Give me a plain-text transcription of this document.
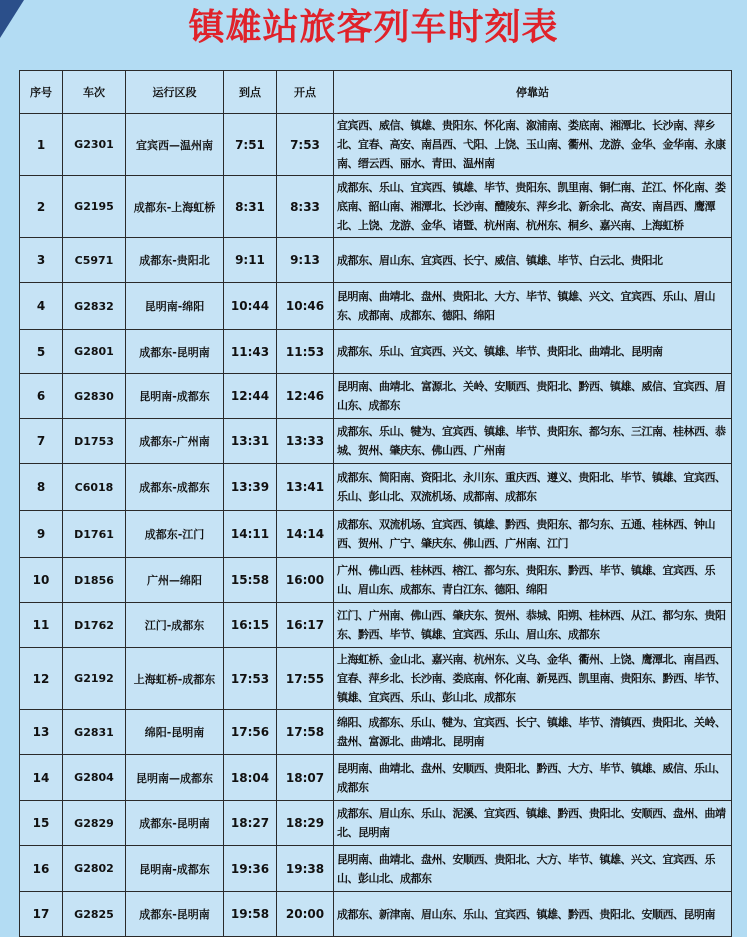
镇雄站旅客列车时刻表
序号	车次	运行区段	到点	开点	停靠站
1	G2301	宜宾西—温州南	7:51	7:53	宜宾西、威信、镇雄、贵阳东、怀化南、溆浦南、娄底南、湘潭北、长沙南、萍乡北、宜春、高安、南昌西、弋阳、上饶、玉山南、衢州、龙游、金华、金华南、永康南、缙云西、丽水、青田、温州南
2	G2195	成都东-上海虹桥	8:31	8:33	成都东、乐山、宜宾西、镇雄、毕节、贵阳东、凯里南、铜仁南、芷江、怀化南、娄底南、韶山南、湘潭北、长沙南、醴陵东、萍乡北、新余北、高安、南昌西、鹰潭北、上饶、龙游、金华、诸暨、杭州南、杭州东、桐乡、嘉兴南、上海虹桥
3	C5971	成都东-贵阳北	9:11	9:13	成都东、眉山东、宜宾西、长宁、威信、镇雄、毕节、白云北、贵阳北
4	G2832	昆明南-绵阳	10:44	10:46	昆明南、曲靖北、盘州、贵阳北、大方、毕节、镇雄、兴文、宜宾西、乐山、眉山东、成都南、成都东、德阳、绵阳
5	G2801	成都东-昆明南	11:43	11:53	成都东、乐山、宜宾西、兴文、镇雄、毕节、贵阳北、曲靖北、昆明南
6	G2830	昆明南-成都东	12:44	12:46	昆明南、曲靖北、富源北、关岭、安顺西、贵阳北、黔西、镇雄、威信、宜宾西、眉山东、成都东
7	D1753	成都东-广州南	13:31	13:33	成都东、乐山、犍为、宜宾西、镇雄、毕节、贵阳东、都匀东、三江南、桂林西、恭城、贺州、肇庆东、佛山西、广州南
8	C6018	成都东-成都东	13:39	13:41	成都东、简阳南、资阳北、永川东、重庆西、遵义、贵阳北、毕节、镇雄、宜宾西、乐山、彭山北、双流机场、成都南、成都东
9	D1761	成都东-江门	14:11	14:14	成都东、双流机场、宜宾西、镇雄、黔西、贵阳东、都匀东、五通、桂林西、钟山西、贺州、广宁、肇庆东、佛山西、广州南、江门
10	D1856	广州—绵阳	15:58	16:00	广州、佛山西、桂林西、榕江、都匀东、贵阳东、黔西、毕节、镇雄、宜宾西、乐山、眉山东、成都东、青白江东、德阳、绵阳
11	D1762	江门-成都东	16:15	16:17	江门、广州南、佛山西、肇庆东、贺州、恭城、阳朔、桂林西、从江、都匀东、贵阳东、黔西、毕节、镇雄、宜宾西、乐山、眉山东、成都东
12	G2192	上海虹桥-成都东	17:53	17:55	上海虹桥、金山北、嘉兴南、杭州东、义乌、金华、衢州、上饶、鹰潭北、南昌西、宜春、萍乡北、长沙南、娄底南、怀化南、新晃西、凯里南、贵阳东、黔西、毕节、镇雄、宜宾西、乐山、彭山北、成都东
13	G2831	绵阳-昆明南	17:56	17:58	绵阳、成都东、乐山、犍为、宜宾西、长宁、镇雄、毕节、清镇西、贵阳北、关岭、盘州、富源北、曲靖北、昆明南
14	G2804	昆明南—成都东	18:04	18:07	昆明南、曲靖北、盘州、安顺西、贵阳北、黔西、大方、毕节、镇雄、威信、乐山、成都东
15	G2829	成都东-昆明南	18:27	18:29	成都东、眉山东、乐山、泥溪、宜宾西、镇雄、黔西、贵阳北、安顺西、盘州、曲靖北、昆明南
16	G2802	昆明南-成都东	19:36	19:38	昆明南、曲靖北、盘州、安顺西、贵阳北、大方、毕节、镇雄、兴文、宜宾西、乐山、彭山北、成都东
17	G2825	成都东-昆明南	19:58	20:00	成都东、新津南、眉山东、乐山、宜宾西、镇雄、黔西、贵阳北、安顺西、昆明南
